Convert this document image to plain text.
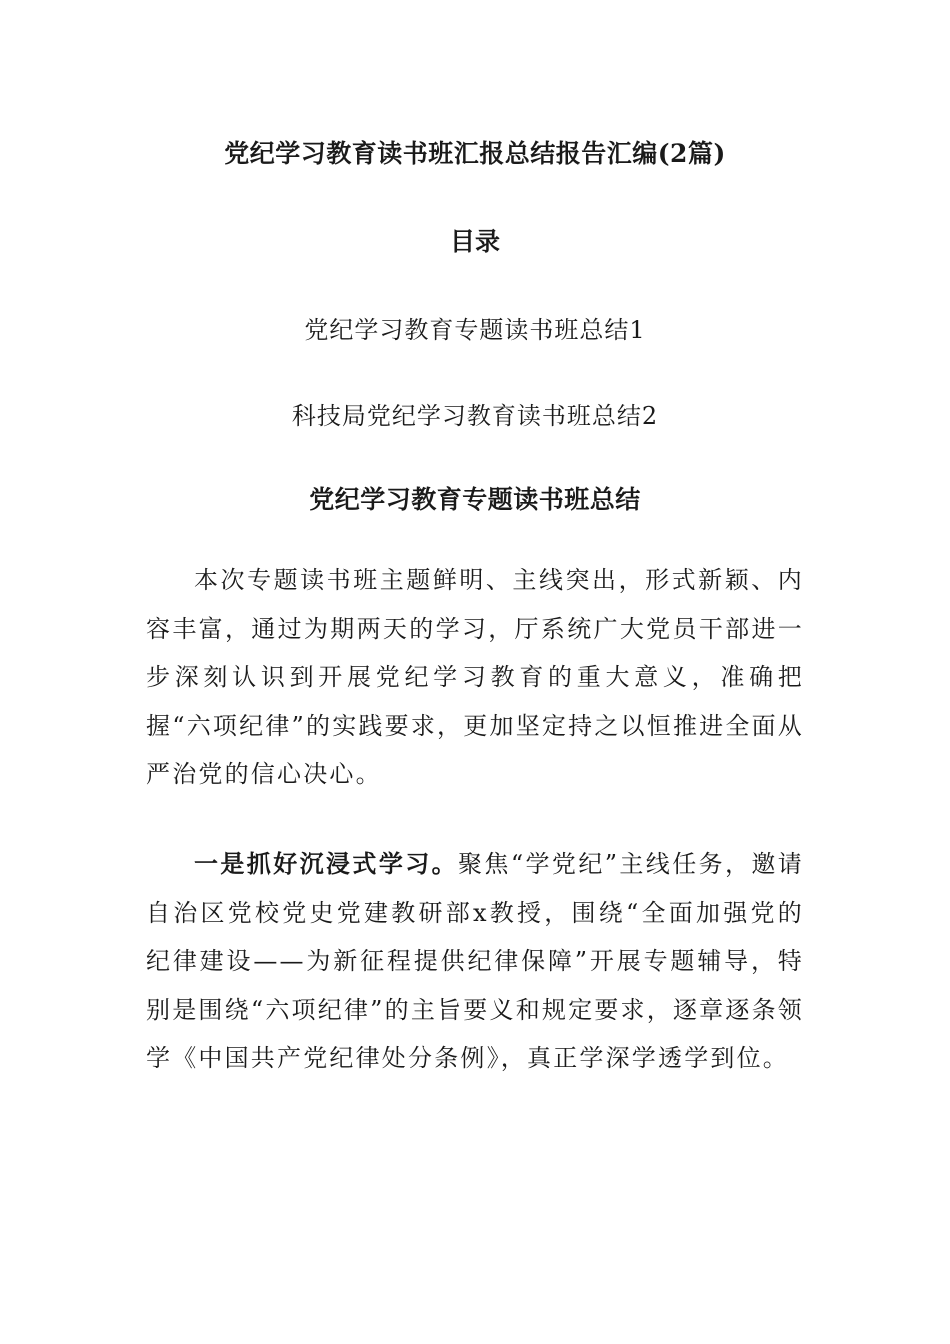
党纪学习教育读书班汇报总结报告汇编(2篇)
目录
党纪学习教育专题读书班总结1
科技局党纪学习教育读书班总结2
党纪学习教育专题读书班总结
本次专题读书班主题鲜明、主线突出，形式新颖、内容丰富，通过为期两天的学习，厅系统广大党员干部进一步深刻认识到开展党纪学习教育的重大意义，准确把握“六项纪律”的实践要求，更加坚定持之以恒推进全面从严治党的信心决心。
一是抓好沉浸式学习。聚焦“学党纪”主线任务，邀请自治区党校党史党建教研部x教授，围绕“全面加强党的纪律建设——为新征程提供纪律保障”开展专题辅导，特别是围绕“六项纪律”的主旨要义和规定要求，逐章逐条领学《中国共产党纪律处分条例》，真正学深学透学到位。
